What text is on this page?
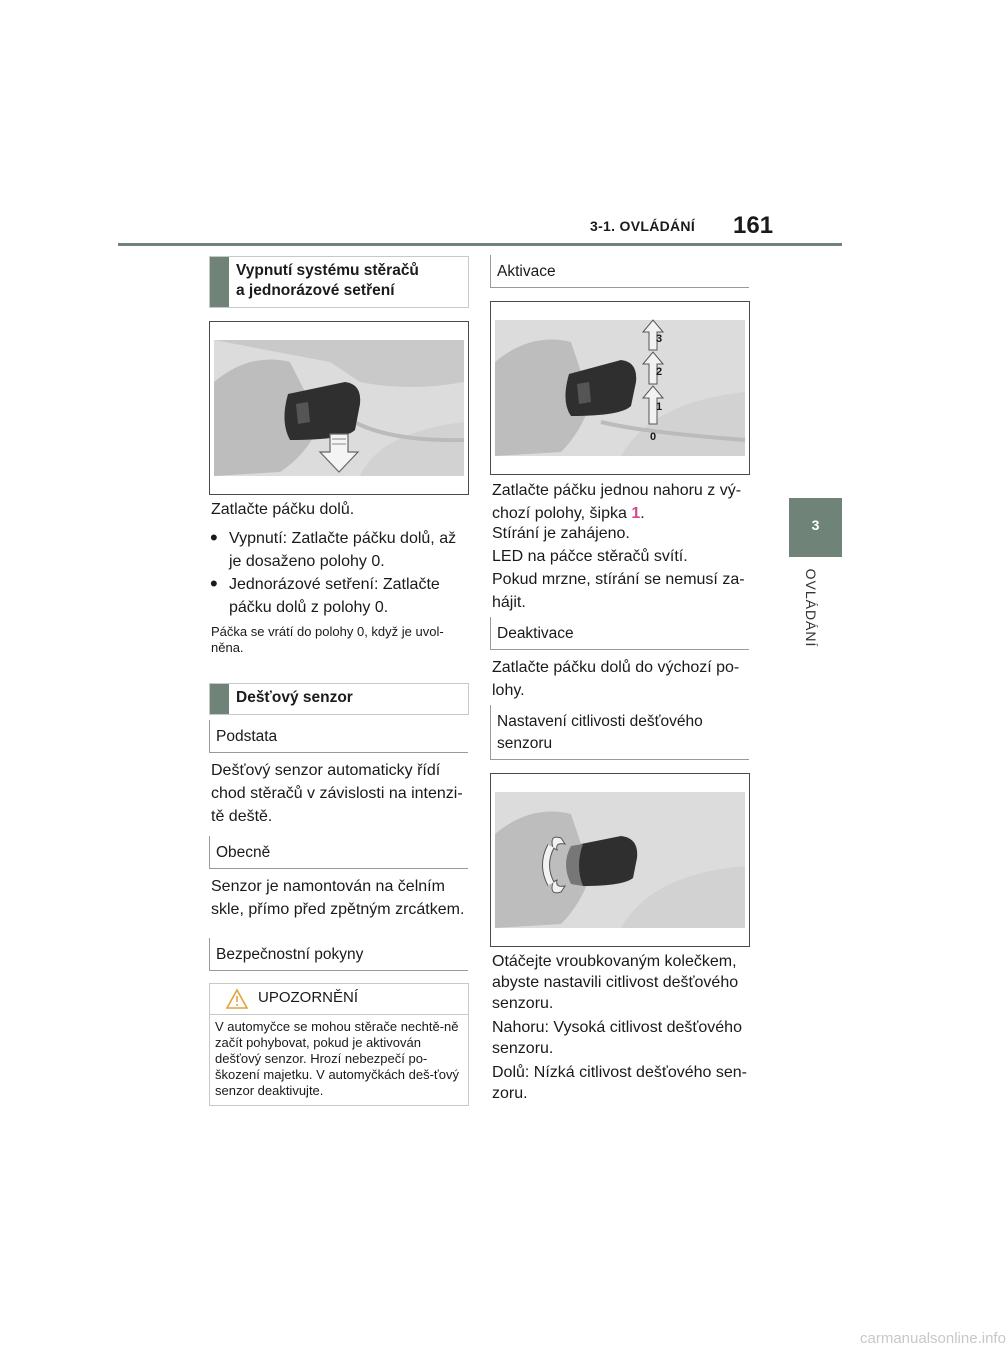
3-1. OVLÁDÁNÍ 161
3
OVLÁDÁNÍ
Vypnutí systému stěračů
a jednorázové setření
Zatlačte páčku dolů.
• Vypnutí: Zatlačte páčku dolů, až je dosaženo polohy 0.
• Jednorázové setření: Zatlačte páčku dolů z polohy 0.
Páčka se vrátí do polohy 0, když je uvol-něna.
Dešťový senzor
Podstata
Dešťový senzor automaticky řídí chod stěračů v závislosti na intenzi-tě deště.
Obecně
Senzor je namontován na čelním skle, přímo před zpětným zrcátkem.
Bezpečnostní pokyny
UPOZORNĚNÍ
V automyčce se mohou stěrače nechtě-ně začít pohybovat, pokud je aktivován dešťový senzor. Hrozí nebezpečí po-škození majetku. V automyčkách deš-ťový senzor deaktivujte.
Aktivace
3
2
1
0
Zatlačte páčku jednou nahoru z vý-chozí polohy, šipka 1.
Stírání je zahájeno.
LED na páčce stěračů svítí.
Pokud mrzne, stírání se nemusí za-hájit.
Deaktivace
Zatlačte páčku dolů do výchozí po-lohy.
Nastavení citlivosti dešťového senzoru
Otáčejte vroubkovaným kolečkem, abyste nastavili citlivost dešťového senzoru.
Nahoru: Vysoká citlivost dešťového senzoru.
Dolů: Nízká citlivost dešťového sen-zoru.
carmanualsonline.info
